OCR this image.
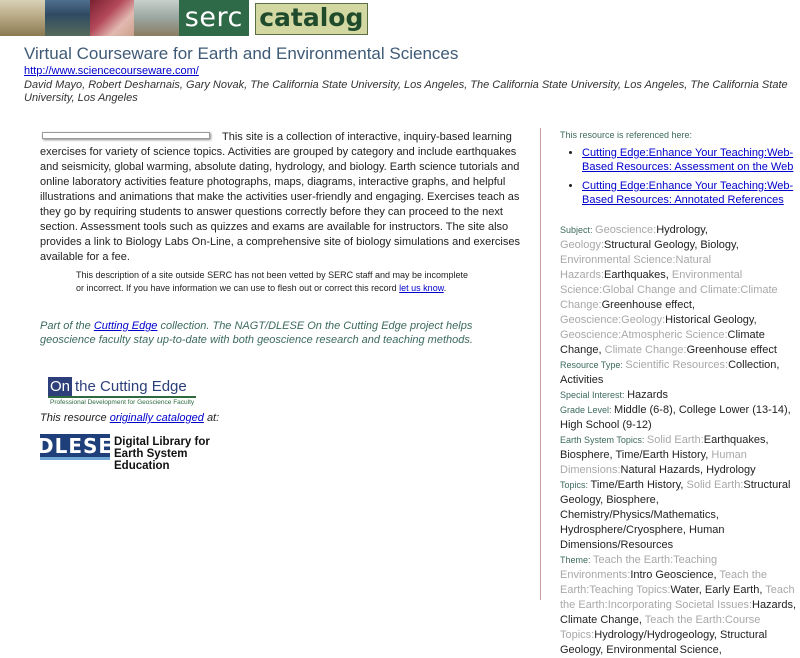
serc catalog
Virtual Courseware for Earth and Environmental Sciences
http://www.sciencecourseware.com/
David Mayo, Robert Desharnais, Gary Novak, The California State University, Los Angeles, The California State University, Los Angeles, The California State University, Los Angeles
This site is a collection of interactive, inquiry-based learning exercises for variety of science topics. Activities are grouped by category and include earthquakes and seismicity, global warming, absolute dating, hydrology, and biology. Earth science tutorials and online laboratory activities feature photographs, maps, diagrams, interactive graphs, and helpful illustrations and animations that make the activities user-friendly and engaging. Exercises teach as they go by requiring students to answer questions correctly before they can proceed to the next section. Assessment tools such as quizzes and exams are available for instructors. The site also provides a link to Biology Labs On-Line, a comprehensive site of biology simulations and exercises available for a fee.
This description of a site outside SERC has not been vetted by SERC staff and may be incomplete or incorrect. If you have information we can use to flesh out or correct this record let us know.
Part of the Cutting Edge collection. The NAGT/DLESE On the Cutting Edge project helps geoscience faculty stay up-to-date with both geoscience research and teaching methods.
On the Cutting Edge
Professional Development for Geoscience Faculty
This resource originally cataloged at:
DLESE Digital Library for
Earth System Education
This resource is referenced here:
• Cutting Edge:Enhance Your Teaching:Web-Based Resources: Assessment on the Web
• Cutting Edge:Enhance Your Teaching:Web-Based Resources: Annotated References

Subject: Geoscience:Hydrology, Geology:Structural Geology, Biology, Environmental Science:Natural Hazards:Earthquakes, Environmental Science:Global Change and Climate:Climate Change:Greenhouse effect, Geoscience:Geology:Historical Geology, Geoscience:Atmospheric Science:Climate Change, Climate Change:Greenhouse effect

Resource Type: Scientific Resources:Collection, Activities

Special Interest: Hazards

Grade Level: Middle (6-8), College Lower (13-14), High School (9-12)

Earth System Topics: Solid Earth:Earthquakes, Biosphere, Time/Earth History, Human Dimensions:Natural Hazards, Hydrology

Topics: Time/Earth History, Solid Earth:Structural Geology, Biosphere, Chemistry/Physics/Mathematics, Hydrosphere/Cryosphere, Human Dimensions/Resources

Theme: Teach the Earth:Teaching Environments:Intro Geoscience, Teach the Earth:Teaching Topics:Water, Early Earth, Teach the Earth:Incorporating Societal Issues:Hazards, Climate Change, Teach the Earth:Course Topics:Hydrology/Hydrogeology, Structural Geology, Environmental Science,
